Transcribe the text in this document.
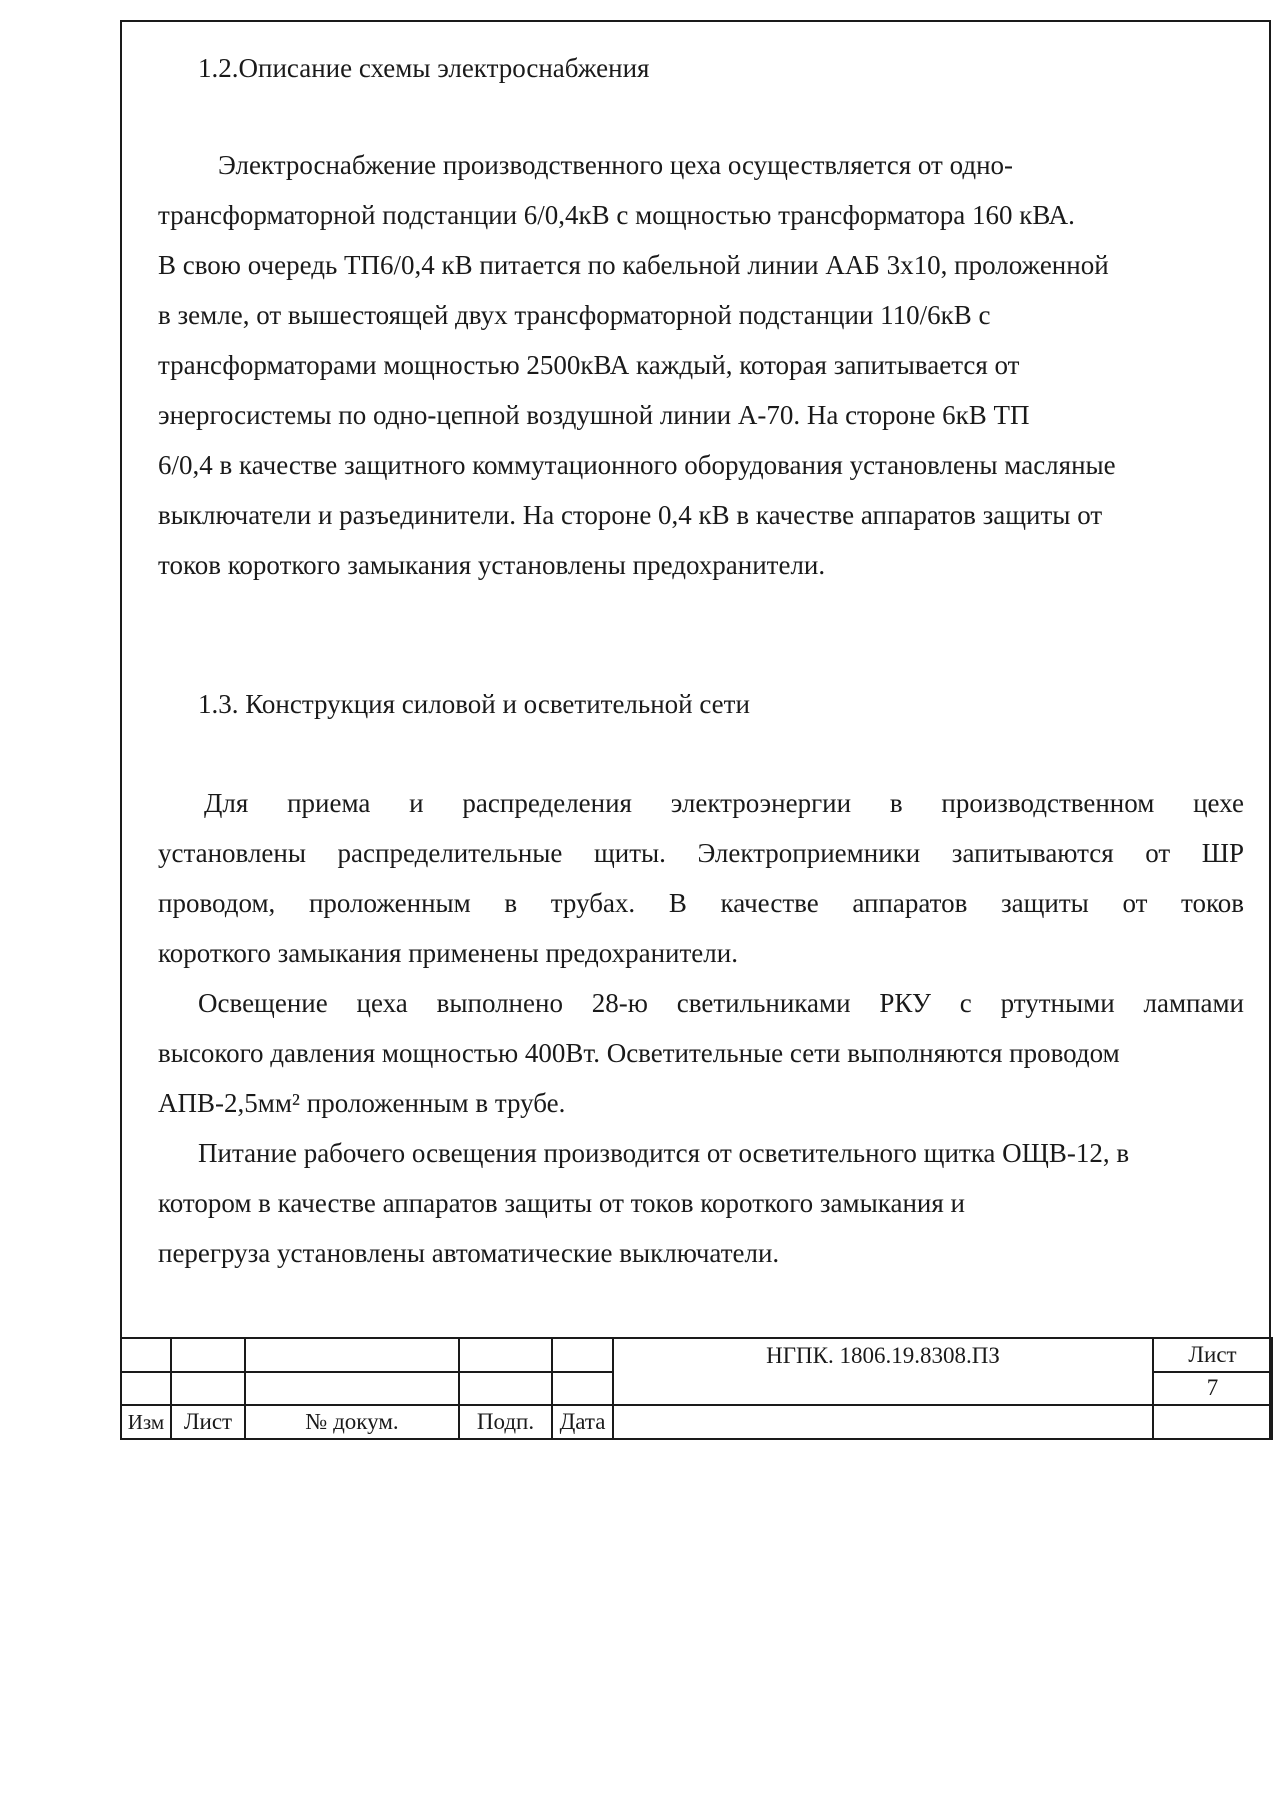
1.2.Описание схемы электроснабжения
Электроснабжение производственного цеха осуществляется от одно-
трансформаторной подстанции 6/0,4кВ с мощностью трансформатора 160 кВА.
В свою очередь ТП6/0,4 кВ питается по кабельной линии ААБ 3х10, проложенной
в земле, от вышестоящей двух трансформаторной подстанции 110/6кВ с
трансформаторами мощностью 2500кВА каждый, которая запитывается от
энергосистемы по одно-цепной воздушной линии А-70. На стороне 6кВ ТП
6/0,4 в качестве защитного коммутационного оборудования установлены масляные
выключатели и разъединители. На стороне 0,4 кВ в качестве аппаратов защиты от
токов короткого замыкания установлены предохранители.
1.3. Конструкция силовой и осветительной сети
Для приема и распределения электроэнергии в производственном цехе
установлены распределительные щиты. Электроприемники запитываются от ШР
проводом, проложенным в трубах. В качестве аппаратов защиты от токов
короткого замыкания применены предохранители.
Освещение цеха выполнено 28-ю светильниками РКУ с ртутными лампами
высокого давления мощностью 400Вт. Осветительные сети выполняются проводом
АПВ-2,5мм² проложенным в трубе.
Питание рабочего освещения производится от осветительного щитка ОЩВ-12, в
котором в качестве аппаратов защиты от токов короткого замыкания и
перегруза установлены автоматические выключатели.
					НГПК. 1806.19.8308.ПЗ	Лист
						7
Изм	Лист	№ докум.	Подп.	Дата		
